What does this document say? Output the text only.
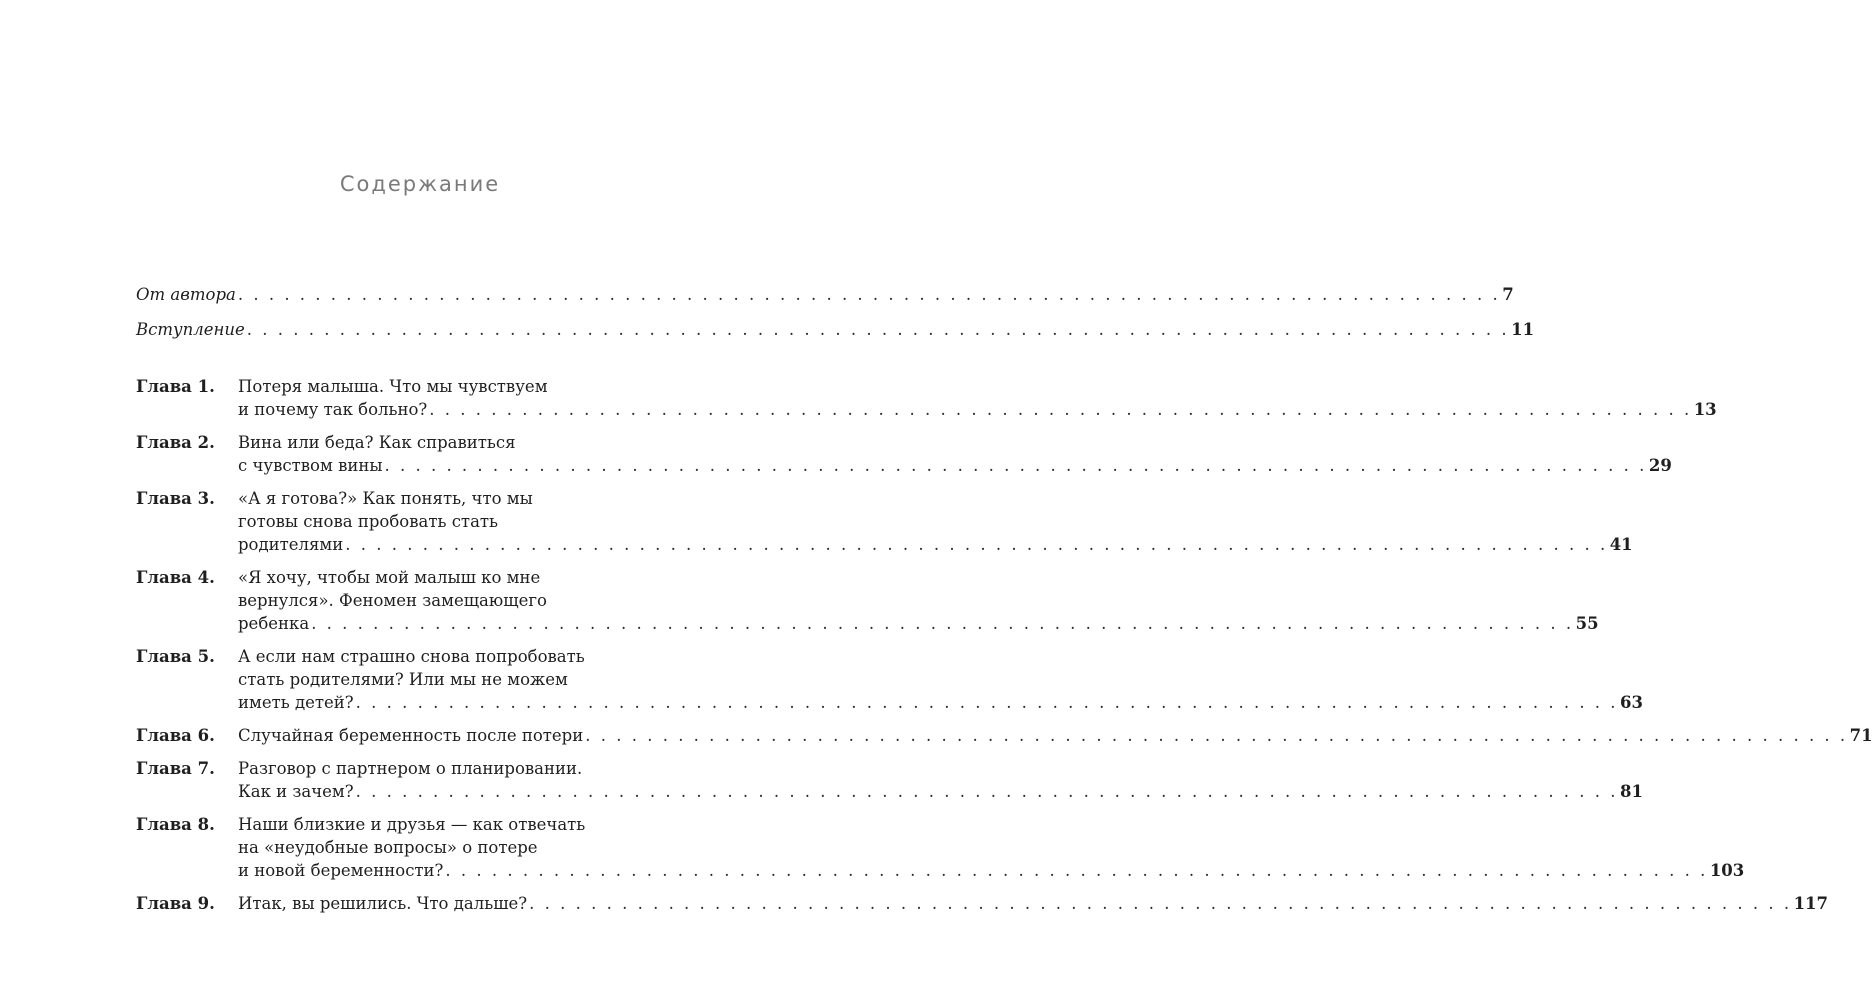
Содержание
От автора . . .	7
Вступление . . .	11
Глава 1.	Потеря малыша. Что мы чувствуем
и почему так больно? . . .	13
Глава 2.	Вина или беда? Как справиться
с чувством вины . . .	29
Глава 3.	«А я готова?» Как понять, что мы
готовы снова пробовать стать
родителями . . .	41
Глава 4.	«Я хочу, чтобы мой малыш ко мне
вернулся». Феномен замещающего
ребенка . . .	55
Глава 5.	А если нам страшно снова попробовать
стать родителями? Или мы не можем
иметь детей? . . .	63
Глава 6.	Случайная беременность после потери . . .	71
Глава 7.	Разговор с партнером о планировании.
Как и зачем? . . .	81
Глава 8.	Наши близкие и друзья — как отвечать
на «неудобные вопросы» о потере
и новой беременности? . . .	103
Глава 9.	Итак, вы решились. Что дальше? . . .	117
